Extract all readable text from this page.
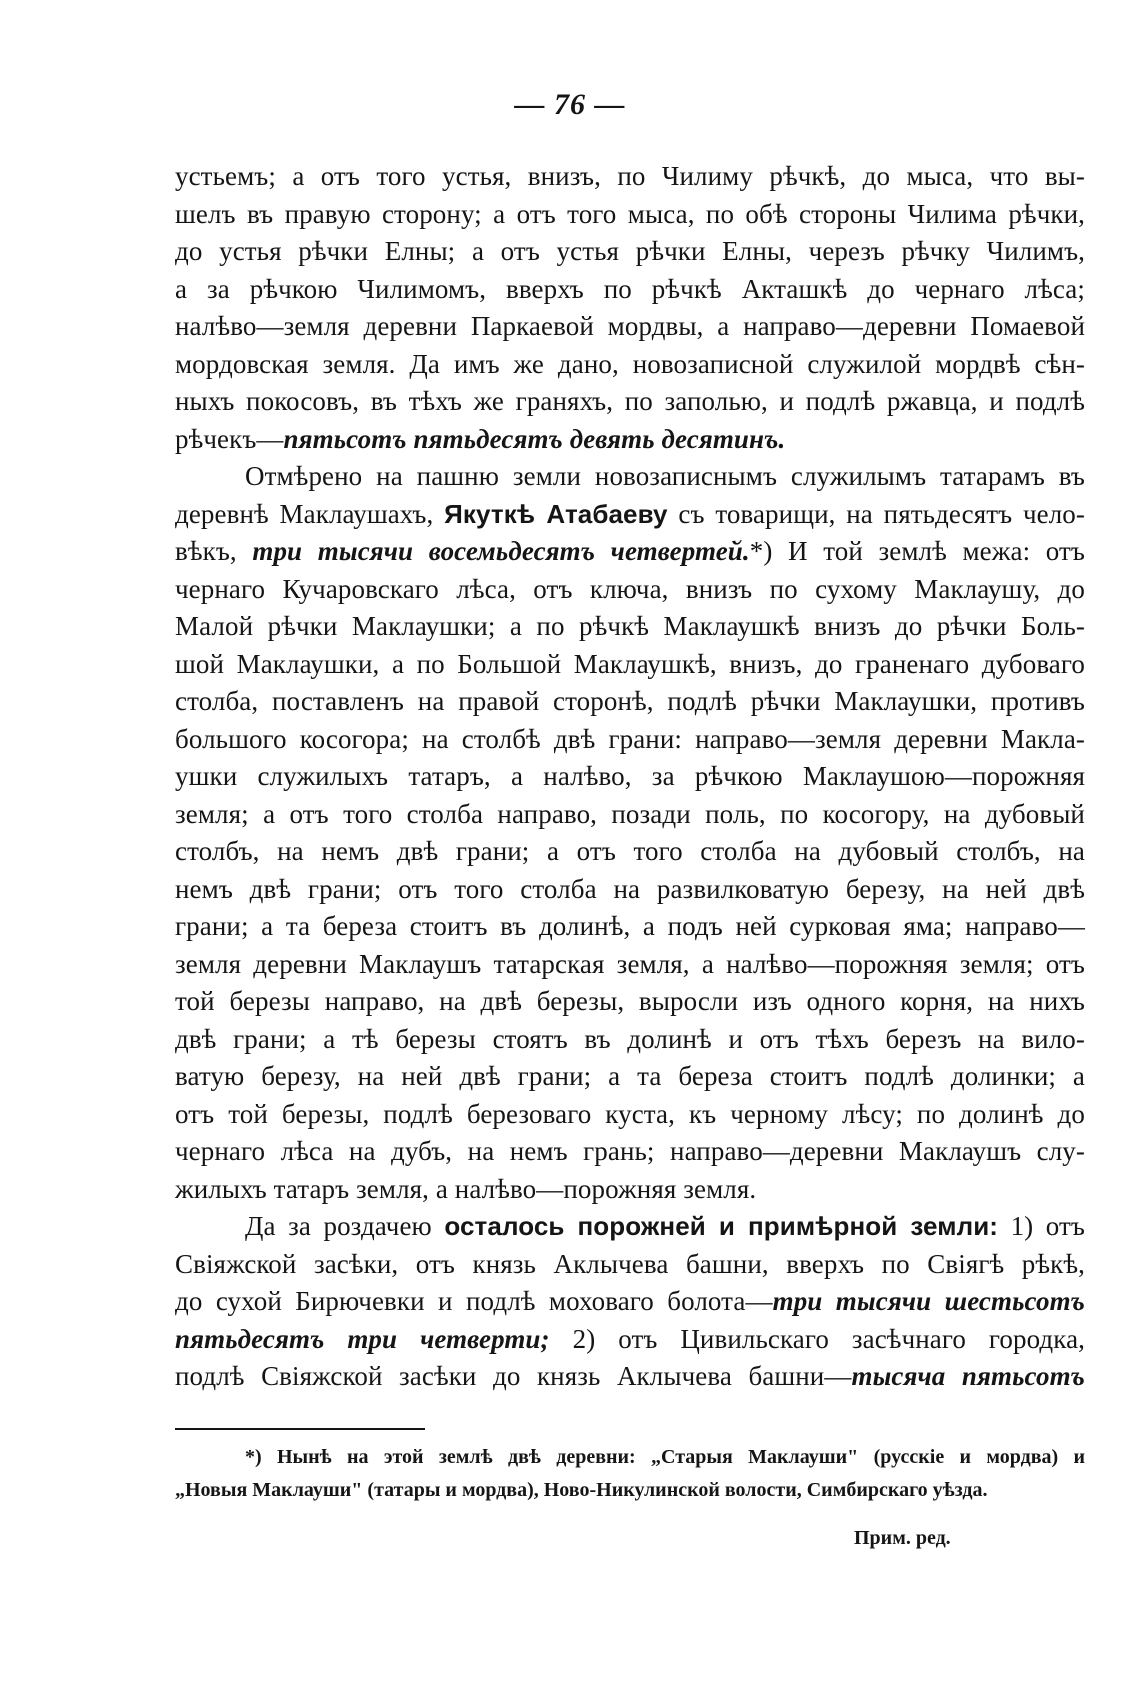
— 76 —
устьемъ; а отъ того устья, внизъ, по Чилиму рѣчкѣ, до мыса, что вы-
шелъ въ правую сторону; а отъ того мыса, по обѣ стороны Чилима рѣчки,
до устья рѣчки Елны; а отъ устья рѣчки Елны, черезъ рѣчку Чилимъ,
а за рѣчкою Чилимомъ, вверхъ по рѣчкѣ Акташкѣ до чернаго лѣса;
налѣво—земля деревни Паркаевой мордвы, а направо—деревни Помаевой
мордовская земля. Да имъ же дано, новозаписной служилой мордвѣ сѣн-
ныхъ покосовъ, въ тѣхъ же граняхъ, по заполью, и подлѣ ржавца, и подлѣ
рѣчекъ—пятьсотъ пятьдесятъ девять десятинъ.
Отмѣрено на пашню земли новозаписнымъ служилымъ татарамъ въ
деревнѣ Маклаушахъ, Якуткѣ Атабаеву съ товарищи, на пятьдесятъ чело-
вѣкъ, три тысячи восемьдесятъ четвертей.*) И той землѣ межа: отъ
чернаго Кучаровскаго лѣса, отъ ключа, внизъ по сухому Маклаушу, до
Малой рѣчки Маклаушки; а по рѣчкѣ Маклаушкѣ внизъ до рѣчки Боль-
шой Маклаушки, а по Большой Маклаушкѣ, внизъ, до граненаго дубоваго
столба, поставленъ на правой сторонѣ, подлѣ рѣчки Маклаушки, противъ
большого косогора; на столбѣ двѣ грани: направо—земля деревни Макла-
ушки служилыхъ татаръ, а налѣво, за рѣчкою Маклаушою—порожняя
земля; а отъ того столба направо, позади поль, по косогору, на дубовый
столбъ, на немъ двѣ грани; а отъ того столба на дубовый столбъ, на
немъ двѣ грани; отъ того столба на развилковатую березу, на ней двѣ
грани; а та береза стоитъ въ долинѣ, а подъ ней сурковая яма; направо—
земля деревни Маклаушъ татарская земля, а налѣво—порожняя земля; отъ
той березы направо, на двѣ березы, выросли изъ одного корня, на нихъ
двѣ грани; а тѣ березы стоятъ въ долинѣ и отъ тѣхъ березъ на вило-
ватую березу, на ней двѣ грани; а та береза стоитъ подлѣ долинки; а
отъ той березы, подлѣ березоваго куста, къ черному лѣсу; по долинѣ до
чернаго лѣса на дубъ, на немъ грань; направо—деревни Маклаушъ слу-
жилыхъ татаръ земля, а налѣво—порожняя земля.
Да за роздачею осталось порожней и примѣрной земли: 1) отъ
Свіяжской засѣки, отъ князь Аклычева башни, вверхъ по Свіягѣ рѣкѣ,
до сухой Бирючевки и подлѣ моховаго болота—три тысячи шестьсотъ
пятьдесятъ три четверти; 2) отъ Цивильскаго засѣчнаго городка,
подлѣ Свіяжской засѣки до князь Аклычева башни—тысяча пятьсотъ
*) Нынѣ на этой землѣ двѣ деревни: „Старыя Маклауши" (русскіе и мордва) и
„Новыя Маклауши" (татары и мордва), Ново-Никулинской волости, Симбирскаго уѣзда.
Прим. ред.
